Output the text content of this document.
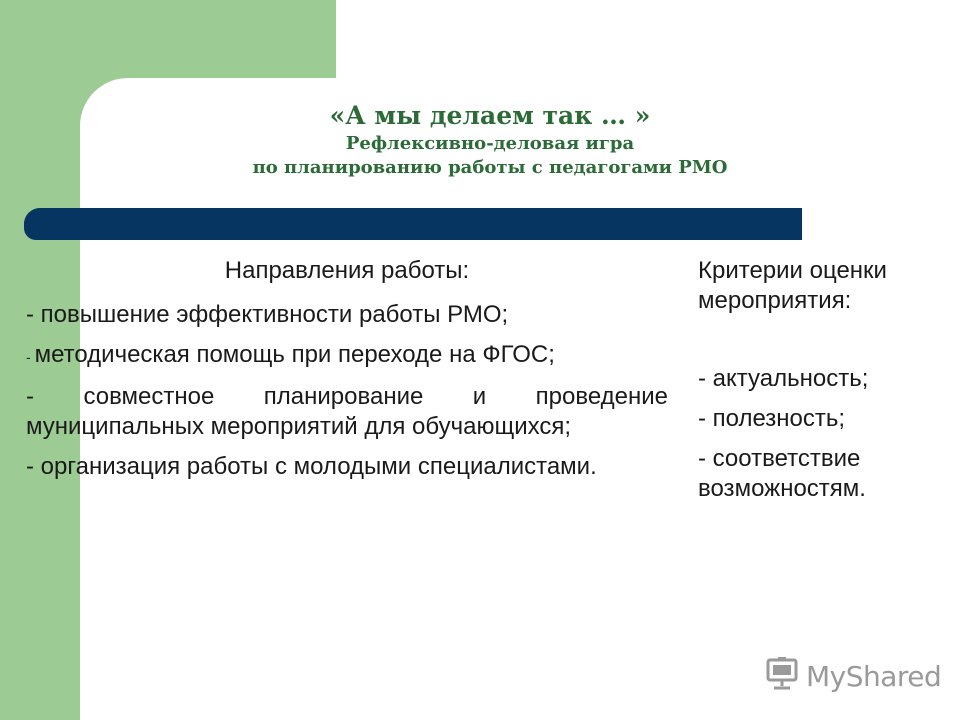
«А мы делаем так … »
Рефлексивно-деловая игра
по планированию работы с педагогами РМО
Направления работы:

- повышение эффективности работы РМО;

- методическая помощь при переходе на ФГОС;

- совместное планирование и проведение муниципальных мероприятий для обучающихся;

- организация работы с молодыми специалистами.

Критерии оценки мероприятия:

- актуальность;

- полезность;

- соответствие возможностям.

MyShared
